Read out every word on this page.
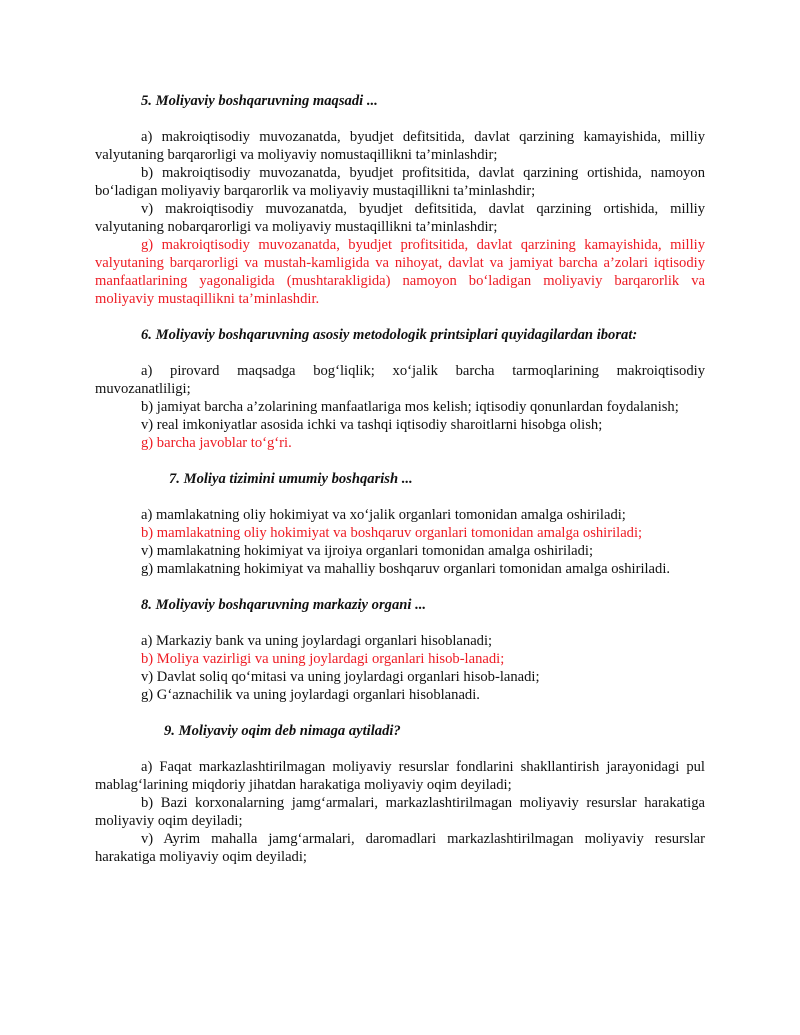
5. Moliyaviy boshqaruvning maqsadi ...

a) makroiqtisodiy muvozanatda, byudjet defitsitida, davlat qarzining kamayishida, milliy valyutaning barqarorligi va moliyaviy nomustaqillikni ta’minlashdir;

b) makroiqtisodiy muvozanatda, byudjet profitsitida, davlat qarzining ortishida, namoyon bo‘ladigan moliyaviy barqarorlik va moliyaviy mustaqillikni ta’minlashdir;

v) makroiqtisodiy muvozanatda, byudjet defitsitida, davlat qarzining ortishida, milliy valyutaning nobarqarorligi va moliyaviy mustaqillikni ta’minlashdir;

g) makroiqtisodiy muvozanatda, byudjet profitsitida, davlat qarzining kamayishida, milliy valyutaning barqarorligi va mustah-kamligida va nihoyat, davlat va jamiyat barcha a’zolari iqtisodiy manfaatlarining yagonaligida (mushtarakligida) namoyon bo‘ladigan moliyaviy barqarorlik va moliyaviy mustaqillikni ta’minlashdir.

6. Moliyaviy boshqaruvning asosiy metodologik printsiplari quyidagilardan iborat:

a) pirovard maqsadga bog‘liqlik; xo‘jalik barcha tarmoqlarining makroiqtisodiy muvozanatliligi;

b) jamiyat barcha a’zolarining manfaatlariga mos kelish; iqtisodiy qonunlardan foydalanish;

v) real imkoniyatlar asosida ichki va tashqi iqtisodiy sharoitlarni hisobga olish;

g) barcha javoblar to‘g‘ri.

7. Moliya tizimini umumiy boshqarish ...

a) mamlakatning oliy hokimiyat va xo‘jalik organlari tomonidan amalga oshiriladi;

b) mamlakatning oliy hokimiyat va boshqaruv organlari tomonidan amalga oshiriladi;

v) mamlakatning hokimiyat va ijroiya organlari tomonidan amalga oshiriladi;

g) mamlakatning hokimiyat va mahalliy boshqaruv organlari tomonidan amalga oshiriladi.

8. Moliyaviy boshqaruvning markaziy organi ...

a) Markaziy bank va uning joylardagi organlari hisoblanadi;

b) Moliya vazirligi va uning joylardagi organlari hisob-lanadi;

v) Davlat soliq qo‘mitasi va uning joylardagi organlari hisob-lanadi;

g) G‘aznachilik va uning joylardagi organlari hisoblanadi.

9. Moliyaviy oqim deb nimaga aytiladi?

a) Faqat markazlashtirilmagan moliyaviy resurslar fondlarini shakllantirish jarayonidagi pul mablag‘larining miqdoriy jihatdan harakatiga moliyaviy oqim deyiladi;

b) Bazi korxonalarning jamg‘armalari, markazlashtirilmagan moliyaviy resurslar harakatiga moliyaviy oqim deyiladi;

v) Ayrim mahalla jamg‘armalari, daromadlari markazlashtirilmagan moliyaviy resurslar harakatiga moliyaviy oqim deyiladi;
